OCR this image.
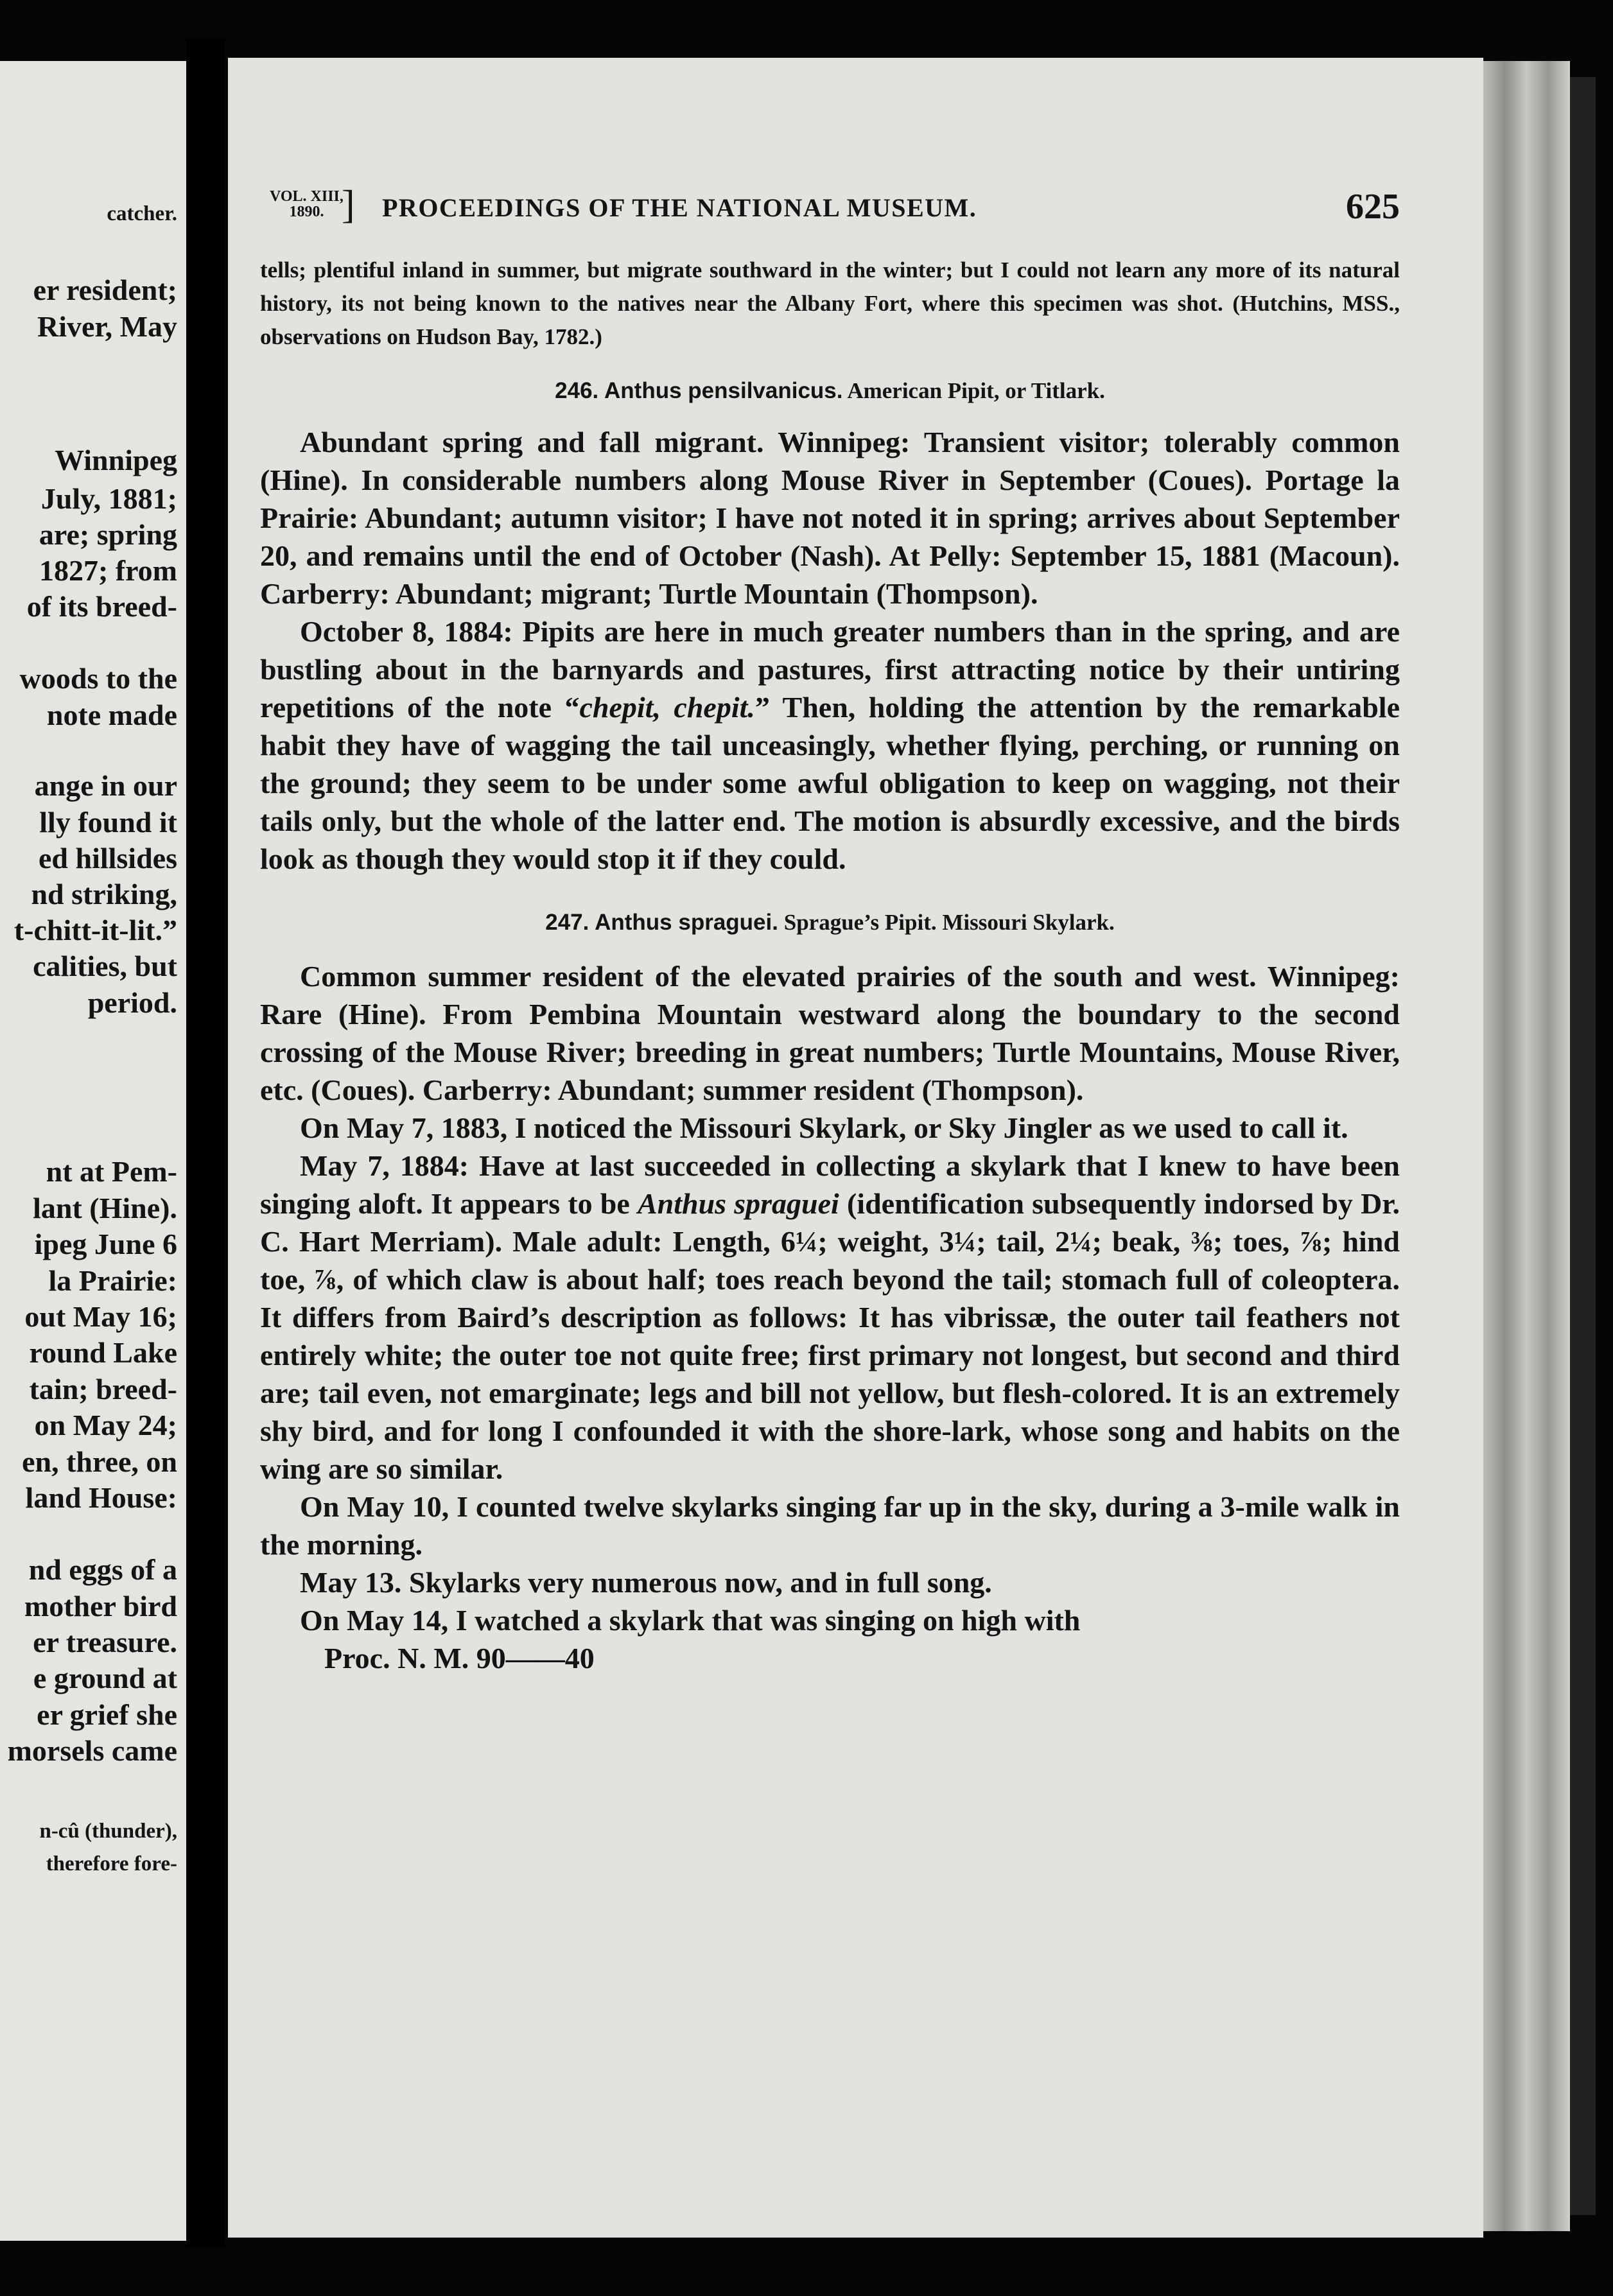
catcher.
er resident;
River, May
Winnipeg
July, 1881;
are; spring
1827; from
of its breed-
woods to the
note made
ange in our
lly found it
ed hillsides
nd striking,
t-chitt-it-lit.”
calities, but
period.
nt at Pem-
lant (Hine).
ipeg June 6
la Prairie:
out May 16;
round Lake
tain; breed-
on May 24;
en, three, on
land House:
nd eggs of a
mother bird
er treasure.
e ground at
er grief she
morsels came
n-cû (thunder),
therefore fore-
VOL. XIII,
1890. ] PROCEEDINGS OF THE NATIONAL MUSEUM.	625

tells; plentiful inland in summer, but migrate southward in the winter; but I could not learn any more of its natural history, its not being known to the natives near the Albany Fort, where this specimen was shot. (Hutchins, MSS., observations on Hudson Bay, 1782.)

246. Anthus pensilvanicus. American Pipit, or Titlark.

Abundant spring and fall migrant. Winnipeg: Transient visitor; tolerably common (Hine). In considerable numbers along Mouse River in September (Coues). Portage la Prairie: Abundant; autumn visitor; I have not noted it in spring; arrives about September 20, and remains until the end of October (Nash). At Pelly: September 15, 1881 (Macoun). Carberry: Abundant; migrant; Turtle Mountain (Thompson).

October 8, 1884: Pipits are here in much greater numbers than in the spring, and are bustling about in the barnyards and pastures, first attracting notice by their untiring repetitions of the note “chepit, chepit.” Then, holding the attention by the remarkable habit they have of wagging the tail unceasingly, whether flying, perching, or running on the ground; they seem to be under some awful obligation to keep on wagging, not their tails only, but the whole of the latter end. The motion is absurdly excessive, and the birds look as though they would stop it if they could.

247. Anthus spraguei. Sprague’s Pipit. Missouri Skylark.

Common summer resident of the elevated prairies of the south and west. Winnipeg: Rare (Hine). From Pembina Mountain westward along the boundary to the second crossing of the Mouse River; breeding in great numbers; Turtle Mountains, Mouse River, etc. (Coues). Carberry: Abundant; summer resident (Thompson).

On May 7, 1883, I noticed the Missouri Skylark, or Sky Jingler as we used to call it.

May 7, 1884: Have at last succeeded in collecting a skylark that I knew to have been singing aloft. It appears to be Anthus spraguei (identification subsequently indorsed by Dr. C. Hart Merriam). Male adult: Length, 6¼; weight, 3¼; tail, 2¼; beak, ⅜; toes, ⅞; hind toe, ⅞, of which claw is about half; toes reach beyond the tail; stomach full of coleoptera. It differs from Baird’s description as follows: It has vibrissæ, the outer tail feathers not entirely white; the outer toe not quite free; first primary not longest, but second and third are; tail even, not emarginate; legs and bill not yellow, but flesh-colored. It is an extremely shy bird, and for long I confounded it with the shore-lark, whose song and habits on the wing are so similar.

On May 10, I counted twelve skylarks singing far up in the sky, during a 3-mile walk in the morning.

May 13. Skylarks very numerous now, and in full song.

On May 14, I watched a skylark that was singing on high with

Proc. N. M. 90——40
